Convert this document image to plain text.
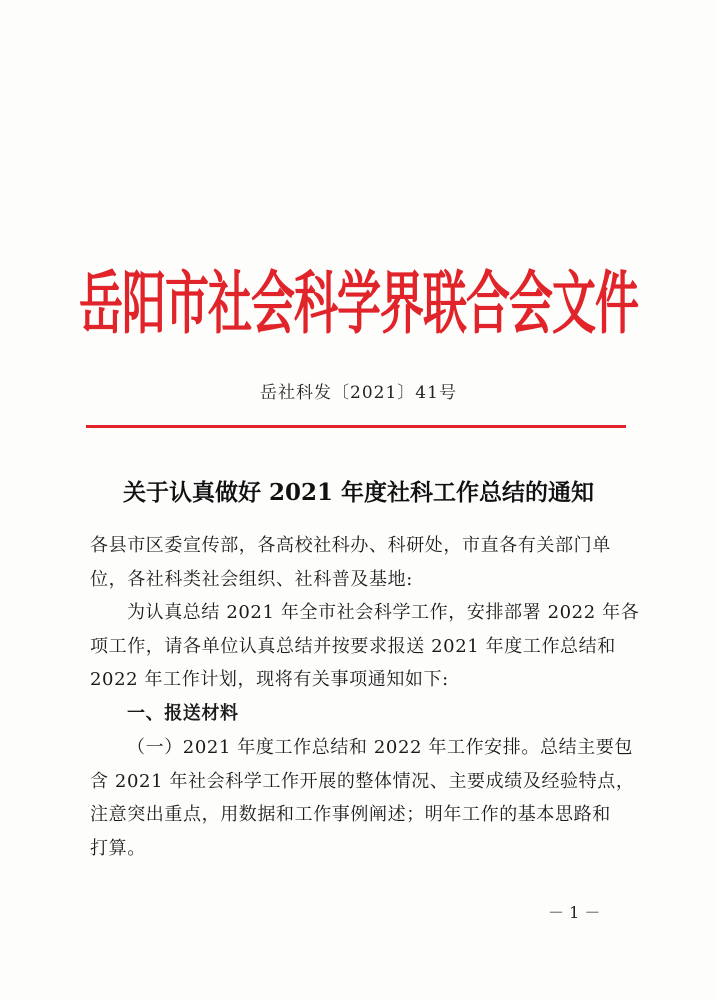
岳阳市社会科学界联合会文件
岳社科发〔2021〕41号
关于认真做好 2021 年度社科工作总结的通知
各县市区委宣传部，各高校社科办、科研处，市直各有关部门单
位，各社科类社会组织、社科普及基地:
为认真总结 2021 年全市社会科学工作，安排部署 2022 年各
项工作，请各单位认真总结并按要求报送 2021 年度工作总结和
2022 年工作计划，现将有关事项通知如下:
一、报送材料
（一）2021 年度工作总结和 2022 年工作安排。总结主要包
含 2021 年社会科学工作开展的整体情况、主要成绩及经验特点，
注意突出重点，用数据和工作事例阐述；明年工作的基本思路和
打算。
－ 1 －
